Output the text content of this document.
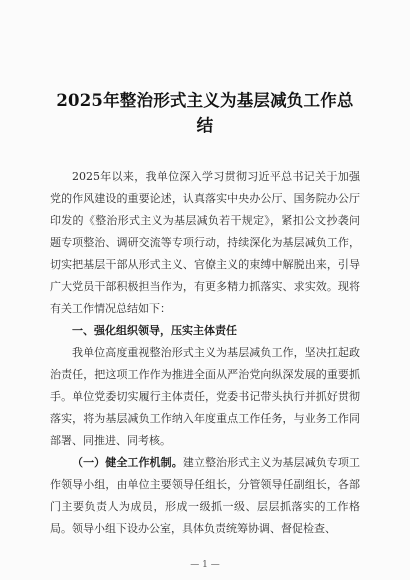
2025年整治形式主义为基层减负工作总结

2025年以来，我单位深入学习贯彻习近平总书记关于加强党的作风建设的重要论述，认真落实中央办公厅、国务院办公厅印发的《整治形式主义为基层减负若干规定》，紧扣公文抄袭问题专项整治、调研交流等专项行动，持续深化为基层减负工作，切实把基层干部从形式主义、官僚主义的束缚中解脱出来，引导广大党员干部积极担当作为，有更多精力抓落实、求实效。现将有关工作情况总结如下：

一、强化组织领导，压实主体责任

我单位高度重视整治形式主义为基层减负工作，坚决扛起政治责任，把这项工作作为推进全面从严治党向纵深发展的重要抓手。单位党委切实履行主体责任，党委书记带头执行并抓好贯彻落实，将为基层减负工作纳入年度重点工作任务，与业务工作同部署、同推进、同考核。

（一）健全工作机制。建立整治形式主义为基层减负专项工作领导小组，由单位主要领导任组长，分管领导任副组长，各部门主要负责人为成员，形成一级抓一级、层层抓落实的工作格局。领导小组下设办公室，具体负责统筹协调、督促检查、

— 1 —
